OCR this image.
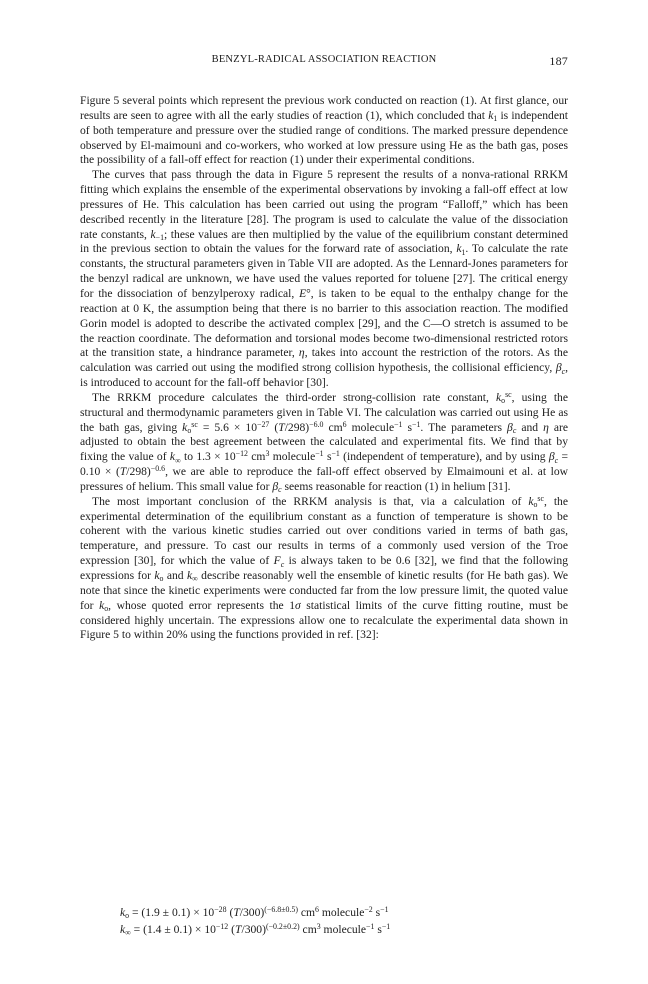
BENZYL-RADICAL ASSOCIATION REACTION	187

Figure 5 several points which represent the previous work conducted on reaction (1). At first glance, our results are seen to agree with all the early studies of reaction (1), which concluded that $k_1$ is independent of both temperature and pressure over the studied range of conditions. The marked pressure dependence observed by El-maimouni and co-workers, who worked at low pressure using He as the bath gas, poses the possibility of a fall-off effect for reaction (1) under their experimental conditions.

The curves that pass through the data in Figure 5 represent the results of a nonva-rational RRKM fitting which explains the ensemble of the experimental observations by invoking a fall-off effect at low pressures of He. This calculation has been carried out using the program “Falloff,” which has been described recently in the literature [28]. The program is used to calculate the value of the dissociation rate constants, $k_{-1}$; these values are then multiplied by the value of the equilibrium constant determined in the previous section to obtain the values for the forward rate of association, $k_1$. To calculate the rate constants, the structural parameters given in Table VII are adopted. As the Lennard-Jones parameters for the benzyl radical are unknown, we have used the values reported for toluene [27]. The critical energy for the dissociation of benzylperoxy radical, E°, is taken to be equal to the enthalpy change for the reaction at 0 K, the assumption being that there is no barrier to this association reaction. The modified Gorin model is adopted to describe the activated complex [29], and the C—O stretch is assumed to be the reaction coordinate. The deformation and torsional modes become two-dimensional restricted rotors at the transition state, a hindrance parameter, η, takes into account the restriction of the rotors. As the calculation was carried out using the modified strong collision hypothesis, the collisional efficiency, $\beta_c$, is introduced to account for the fall-off behavior [30].

The RRKM procedure calculates the third-order strong-collision rate constant, $k_o^{sc}$, using the structural and thermodynamic parameters given in Table VI. The calculation was carried out using He as the bath gas, giving $k_o^{sc} = 5.6 \times 10^{-27}$ $(T/298)^{-6.0}$ $cm^6$ molecule$^{-1}$ $s^{-1}$. The parameters $\beta_c$ and η are adjusted to obtain the best agreement between the calculated and experimental fits. We find that by fixing the value of $k_\infty$ to $1.3 \times 10^{-12}$ $cm^3$ molecule$^{-1}$ $s^{-1}$ (independent of temperature), and by using $\beta_c = 0.10 \times (T/298)^{-0.6}$, we are able to reproduce the fall-off effect observed by Elmaimouni et al. at low pressures of helium. This small value for $\beta_c$ seems reasonable for reaction (1) in helium [31].

The most important conclusion of the RRKM analysis is that, via a calculation of $k_o^{sc}$, the experimental determination of the equilibrium constant as a function of temperature is shown to be coherent with the various kinetic studies carried out over conditions varied in terms of bath gas, temperature, and pressure. To cast our results in terms of a commonly used version of the Troe expression [30], for which the value of $F_c$ is always taken to be 0.6 [32], we find that the following expressions for $k_o$ and $k_\infty$ describe reasonably well the ensemble of kinetic results (for He bath gas). We note that since the kinetic experiments were conducted far from the low pressure limit, the quoted value for $k_o$, whose quoted error represents the 1σ statistical limits of the curve fitting routine, must be considered highly uncertain. The expressions allow one to recalculate the experimental data shown in Figure 5 to within 20% using the functions provided in ref. [32]:

$k_o = (1.9 \pm 0.1) \times 10^{-28}$ $(T/300)^{(-6.8\pm 0.5)}$ $cm^6$ molecule$^{-2}$ $s^{-1}$
$k_\infty = (1.4 \pm 0.1) \times 10^{-12}$ $(T/300)^{(-0.2\pm 0.2)}$ $cm^3$ molecule$^{-1}$ $s^{-1}$
